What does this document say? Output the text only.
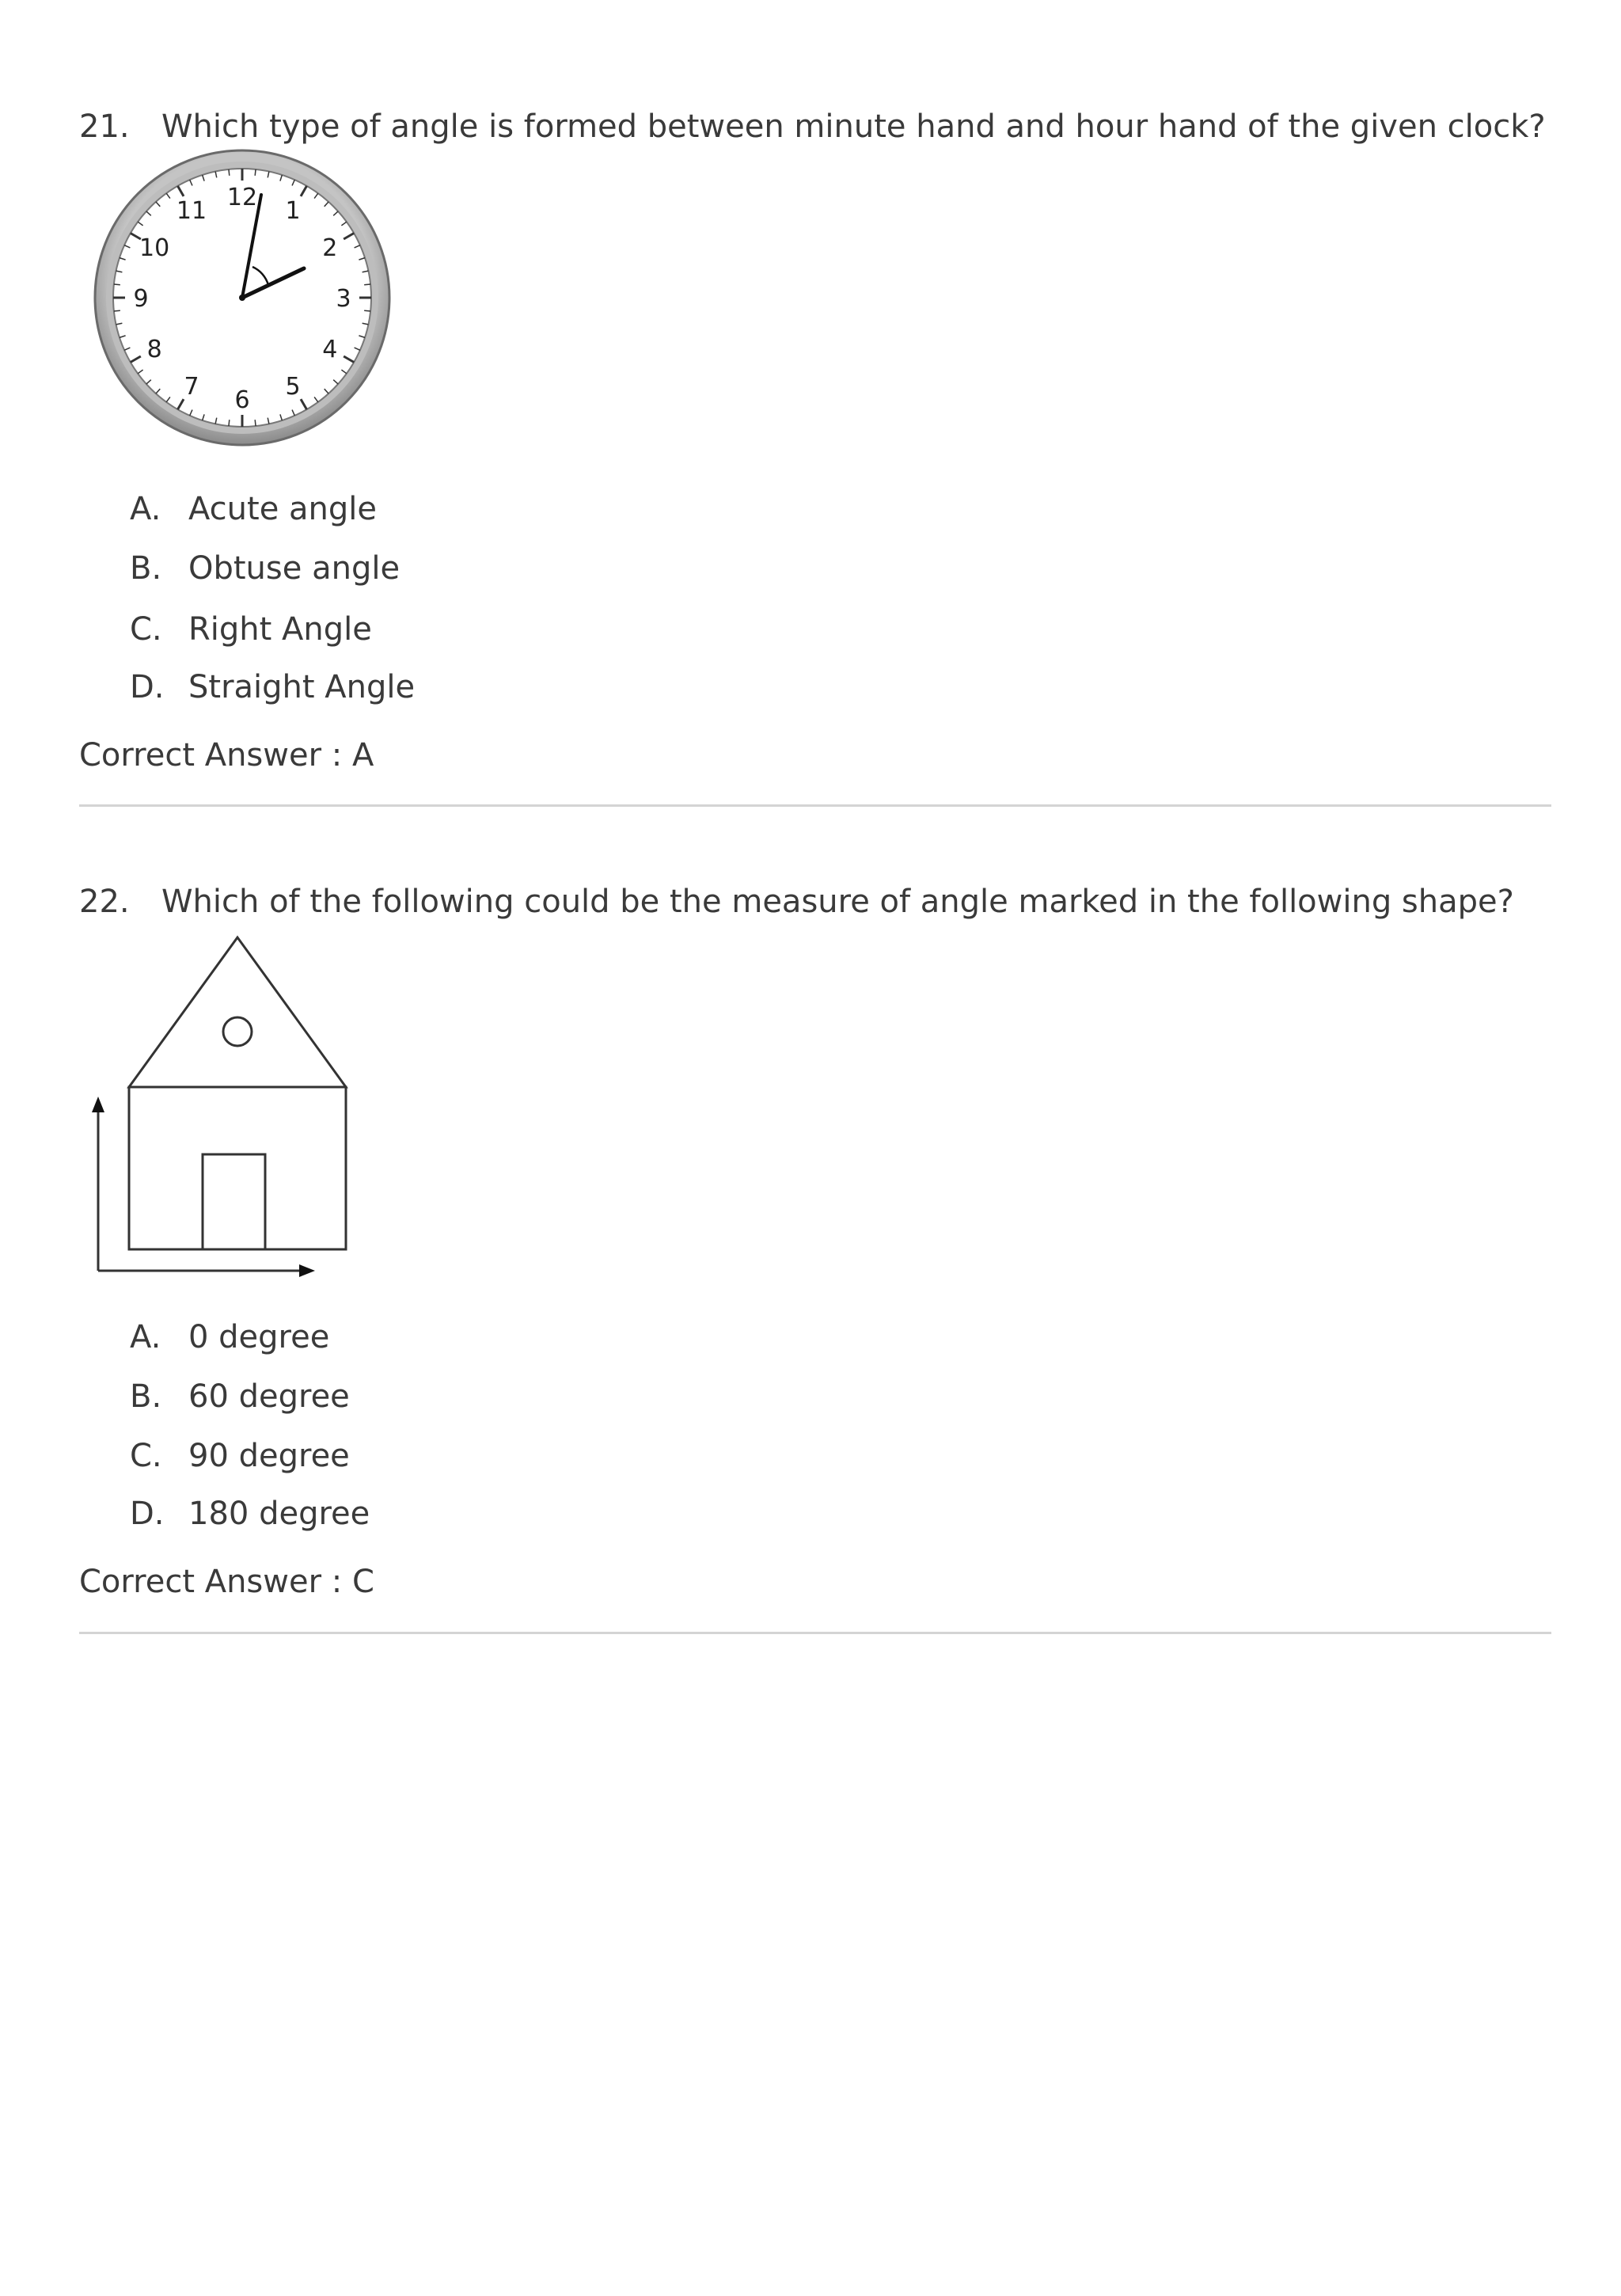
21. Which type of angle is formed between minute hand and hour hand of the given clock?
12 1
2
3
4
5
6
7
8
9
10
11
A. Acute angle
B. Obtuse angle
C. Right Angle
D. Straight Angle
Correct Answer : A
22. Which of the following could be the measure of angle marked in the following shape?
A. 0 degree
B. 60 degree
C. 90 degree
D. 180 degree
Correct Answer : C
